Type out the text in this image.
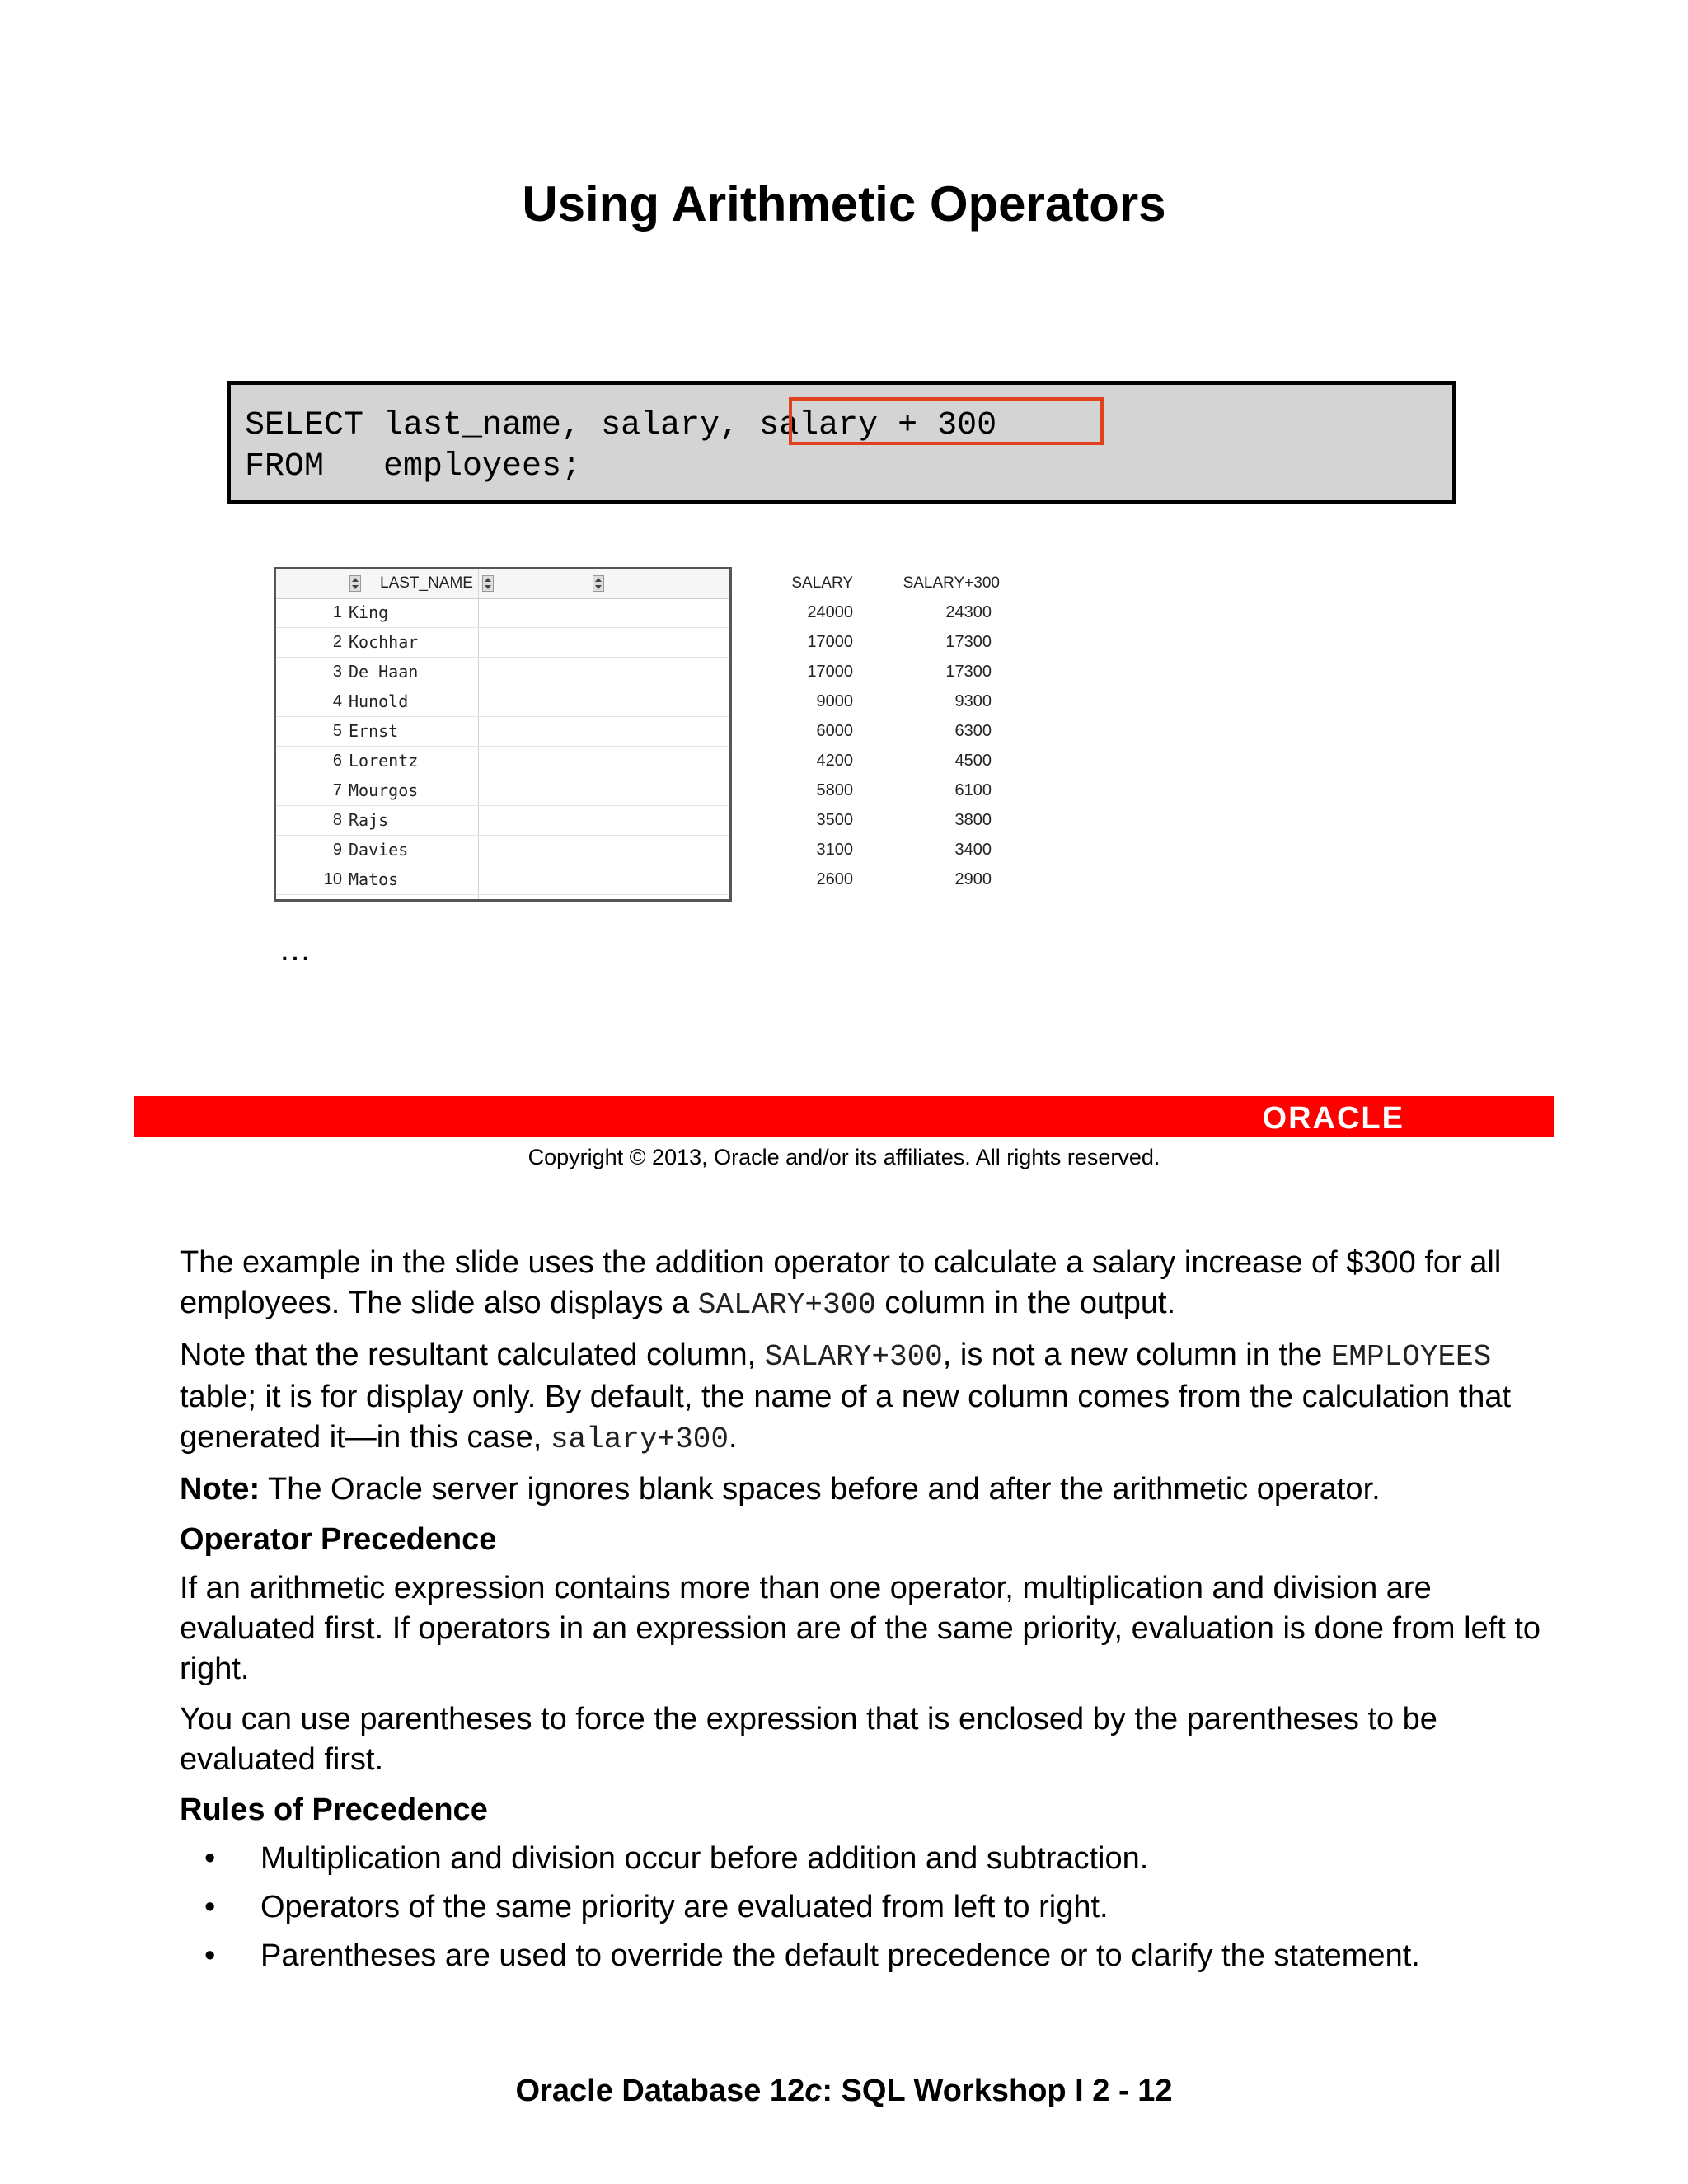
Using Arithmetic Operators
SELECT last_name, salary, salary + 300
FROM   employees;
LAST_NAME	SALARY	SALARY+300
1 King	24000	24300
2 Kochhar	17000	17300
3 De Haan	17000	17300
4 Hunold	9000	9300
5 Ernst	6000	6300
6 Lorentz	4200	4500
7 Mourgos	5800	6100
8 Rajs	3500	3800
9 Davies	3100	3400
10 Matos	2600	2900
…
ORACLE
Copyright © 2013, Oracle and/or its affiliates. All rights reserved.

The example in the slide uses the addition operator to calculate a salary increase of $300 for all employees. The slide also displays a SALARY+300 column in the output.

Note that the resultant calculated column, SALARY+300, is not a new column in the EMPLOYEES table; it is for display only. By default, the name of a new column comes from the calculation that generated it—in this case, salary+300.

Note: The Oracle server ignores blank spaces before and after the arithmetic operator.

Operator Precedence

If an arithmetic expression contains more than one operator, multiplication and division are evaluated first. If operators in an expression are of the same priority, evaluation is done from left to right.

You can use parentheses to force the expression that is enclosed by the parentheses to be evaluated first.

Rules of Precedence

• Multiplication and division occur before addition and subtraction.
• Operators of the same priority are evaluated from left to right.
• Parentheses are used to override the default precedence or to clarify the statement.
Oracle Database 12c: SQL Workshop I 2 - 12
